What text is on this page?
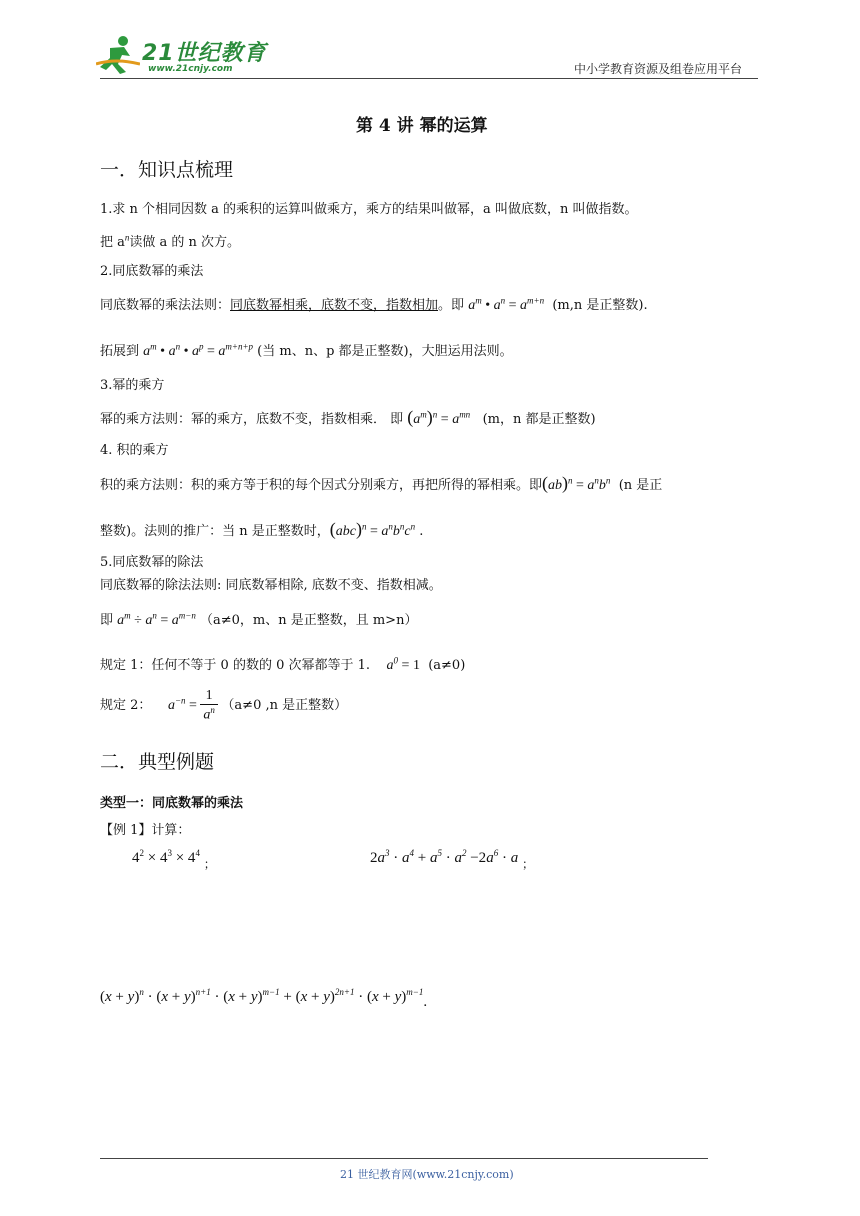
21世纪教育
www.21cnjy.com	中小学教育资源及组卷应用平台
第 4 讲 幂的运算
一．知识点梳理
1.求 n 个相同因数 a 的乘积的运算叫做乘方，乘方的结果叫做幂，a 叫做底数，n 叫做指数。
把 $a^n$读做 a 的 n 次方。
2.同底数幂的乘法
同底数幂的乘法法则：同底数幂相乘，底数不变，指数相加。即 $a^m$ • $a^n = a^{m+n}$ (m,n 是正整数).
拓展到 $a^m$ • $a^n$ • $a^p = a^{m+n+p}$ (当 m、n、p 都是正整数)，大胆运用法则。
3.幂的乘方
幂的乘方法则：幂的乘方，底数不变，指数相乘． 即 $(a^m)^n = a^{mn}$ (m，n 都是正整数)
4. 积的乘方
积的乘方法则：积的乘方等于积的每个因式分别乘方，再把所得的幂相乘。即$(ab)^n = a^nb^n$ (n 是正
整数)。法则的推广：当 n 是正整数时，$(abc)^n = a^nb^nc^n$ .
5.同底数幂的除法
同底数幂的除法法则: 同底数幂相除, 底数不变、指数相减。
即 $a^m \div a^n = a^{m-n}$ （a≠0，m、n 是正整数，且 m>n）
规定 1：任何不等于 0 的数的 0 次幂都等于 1. $a^0 = 1$ (a≠0)
规定 2： $a^{-n} = \frac{1}{a^n} (a\ne 0$ ,n 是正整数）
二．典型例题
类型一：同底数幂的乘法
【例 1】计算：
$4^2 \times 4^3 \times 4^4$ $_;$	$2a^3 \cdot a^4 + a^5 \cdot a^2 -2a^6 \cdot a$ $_;$
$(x + y)^n \cdot (x + y)^{n+1} \cdot (x + y)^{m-1} + (x + y)^{2n+1} \cdot (x + y)^{m-1}$.
21 世纪教育网(www.21cnjy.com)
